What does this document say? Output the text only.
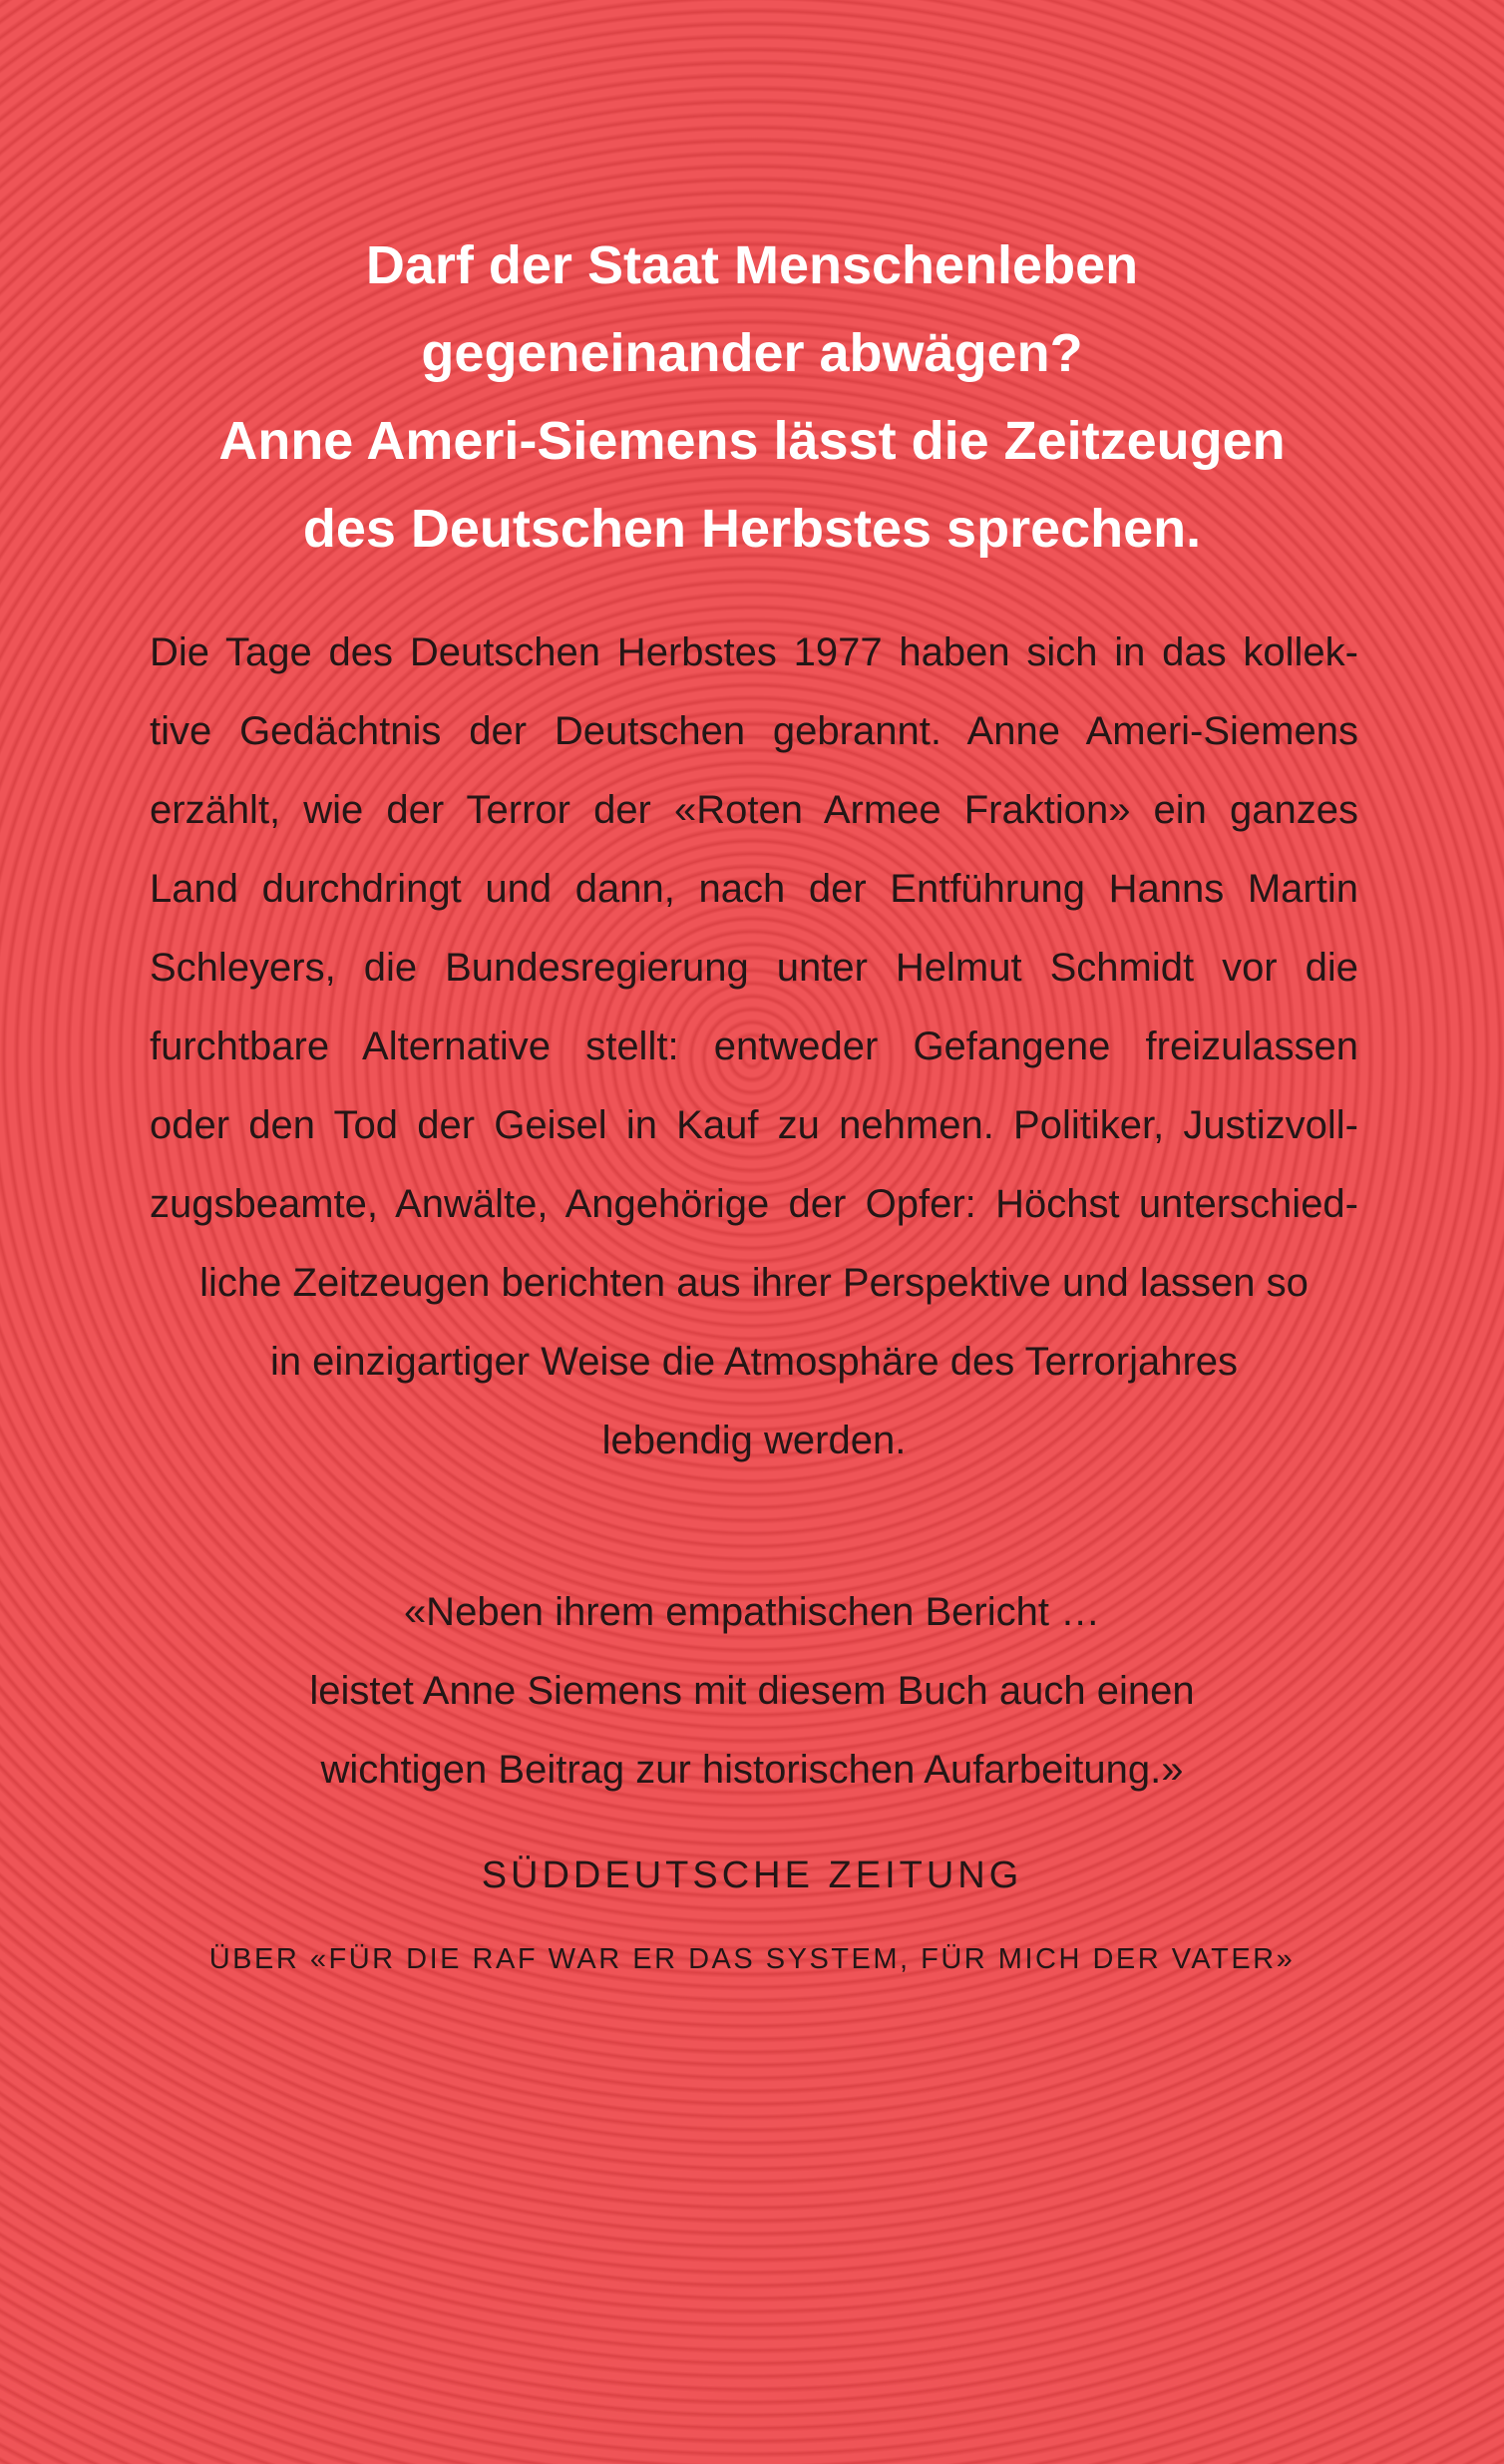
Darf der Staat Menschenleben
gegeneinander abwägen?
Anne Ameri-Siemens lässt die Zeitzeugen
des Deutschen Herbstes sprechen.
Die Tage des Deutschen Herbstes 1977 haben sich in das kollek-
tive Gedächtnis der Deutschen gebrannt. Anne Ameri-Siemens
erzählt, wie der Terror der «Roten Armee Fraktion» ein ganzes
Land durchdringt und dann, nach der Entführung Hanns Martin
Schleyers, die Bundesregierung unter Helmut Schmidt vor die
furchtbare Alternative stellt: entweder Gefangene freizulassen
oder den Tod der Geisel in Kauf zu nehmen. Politiker, Justizvoll-
zugsbeamte, Anwälte, Angehörige der Opfer: Höchst unterschied-
liche Zeitzeugen berichten aus ihrer Perspektive und lassen so
in einzigartiger Weise die Atmosphäre des Terrorjahres
lebendig werden.
«Neben ihrem empathischen Bericht …
leistet Anne Siemens mit diesem Buch auch einen
wichtigen Beitrag zur historischen Aufarbeitung.»
SÜDDEUTSCHE ZEITUNG
ÜBER «FÜR DIE RAF WAR ER DAS SYSTEM, FÜR MICH DER VATER»
